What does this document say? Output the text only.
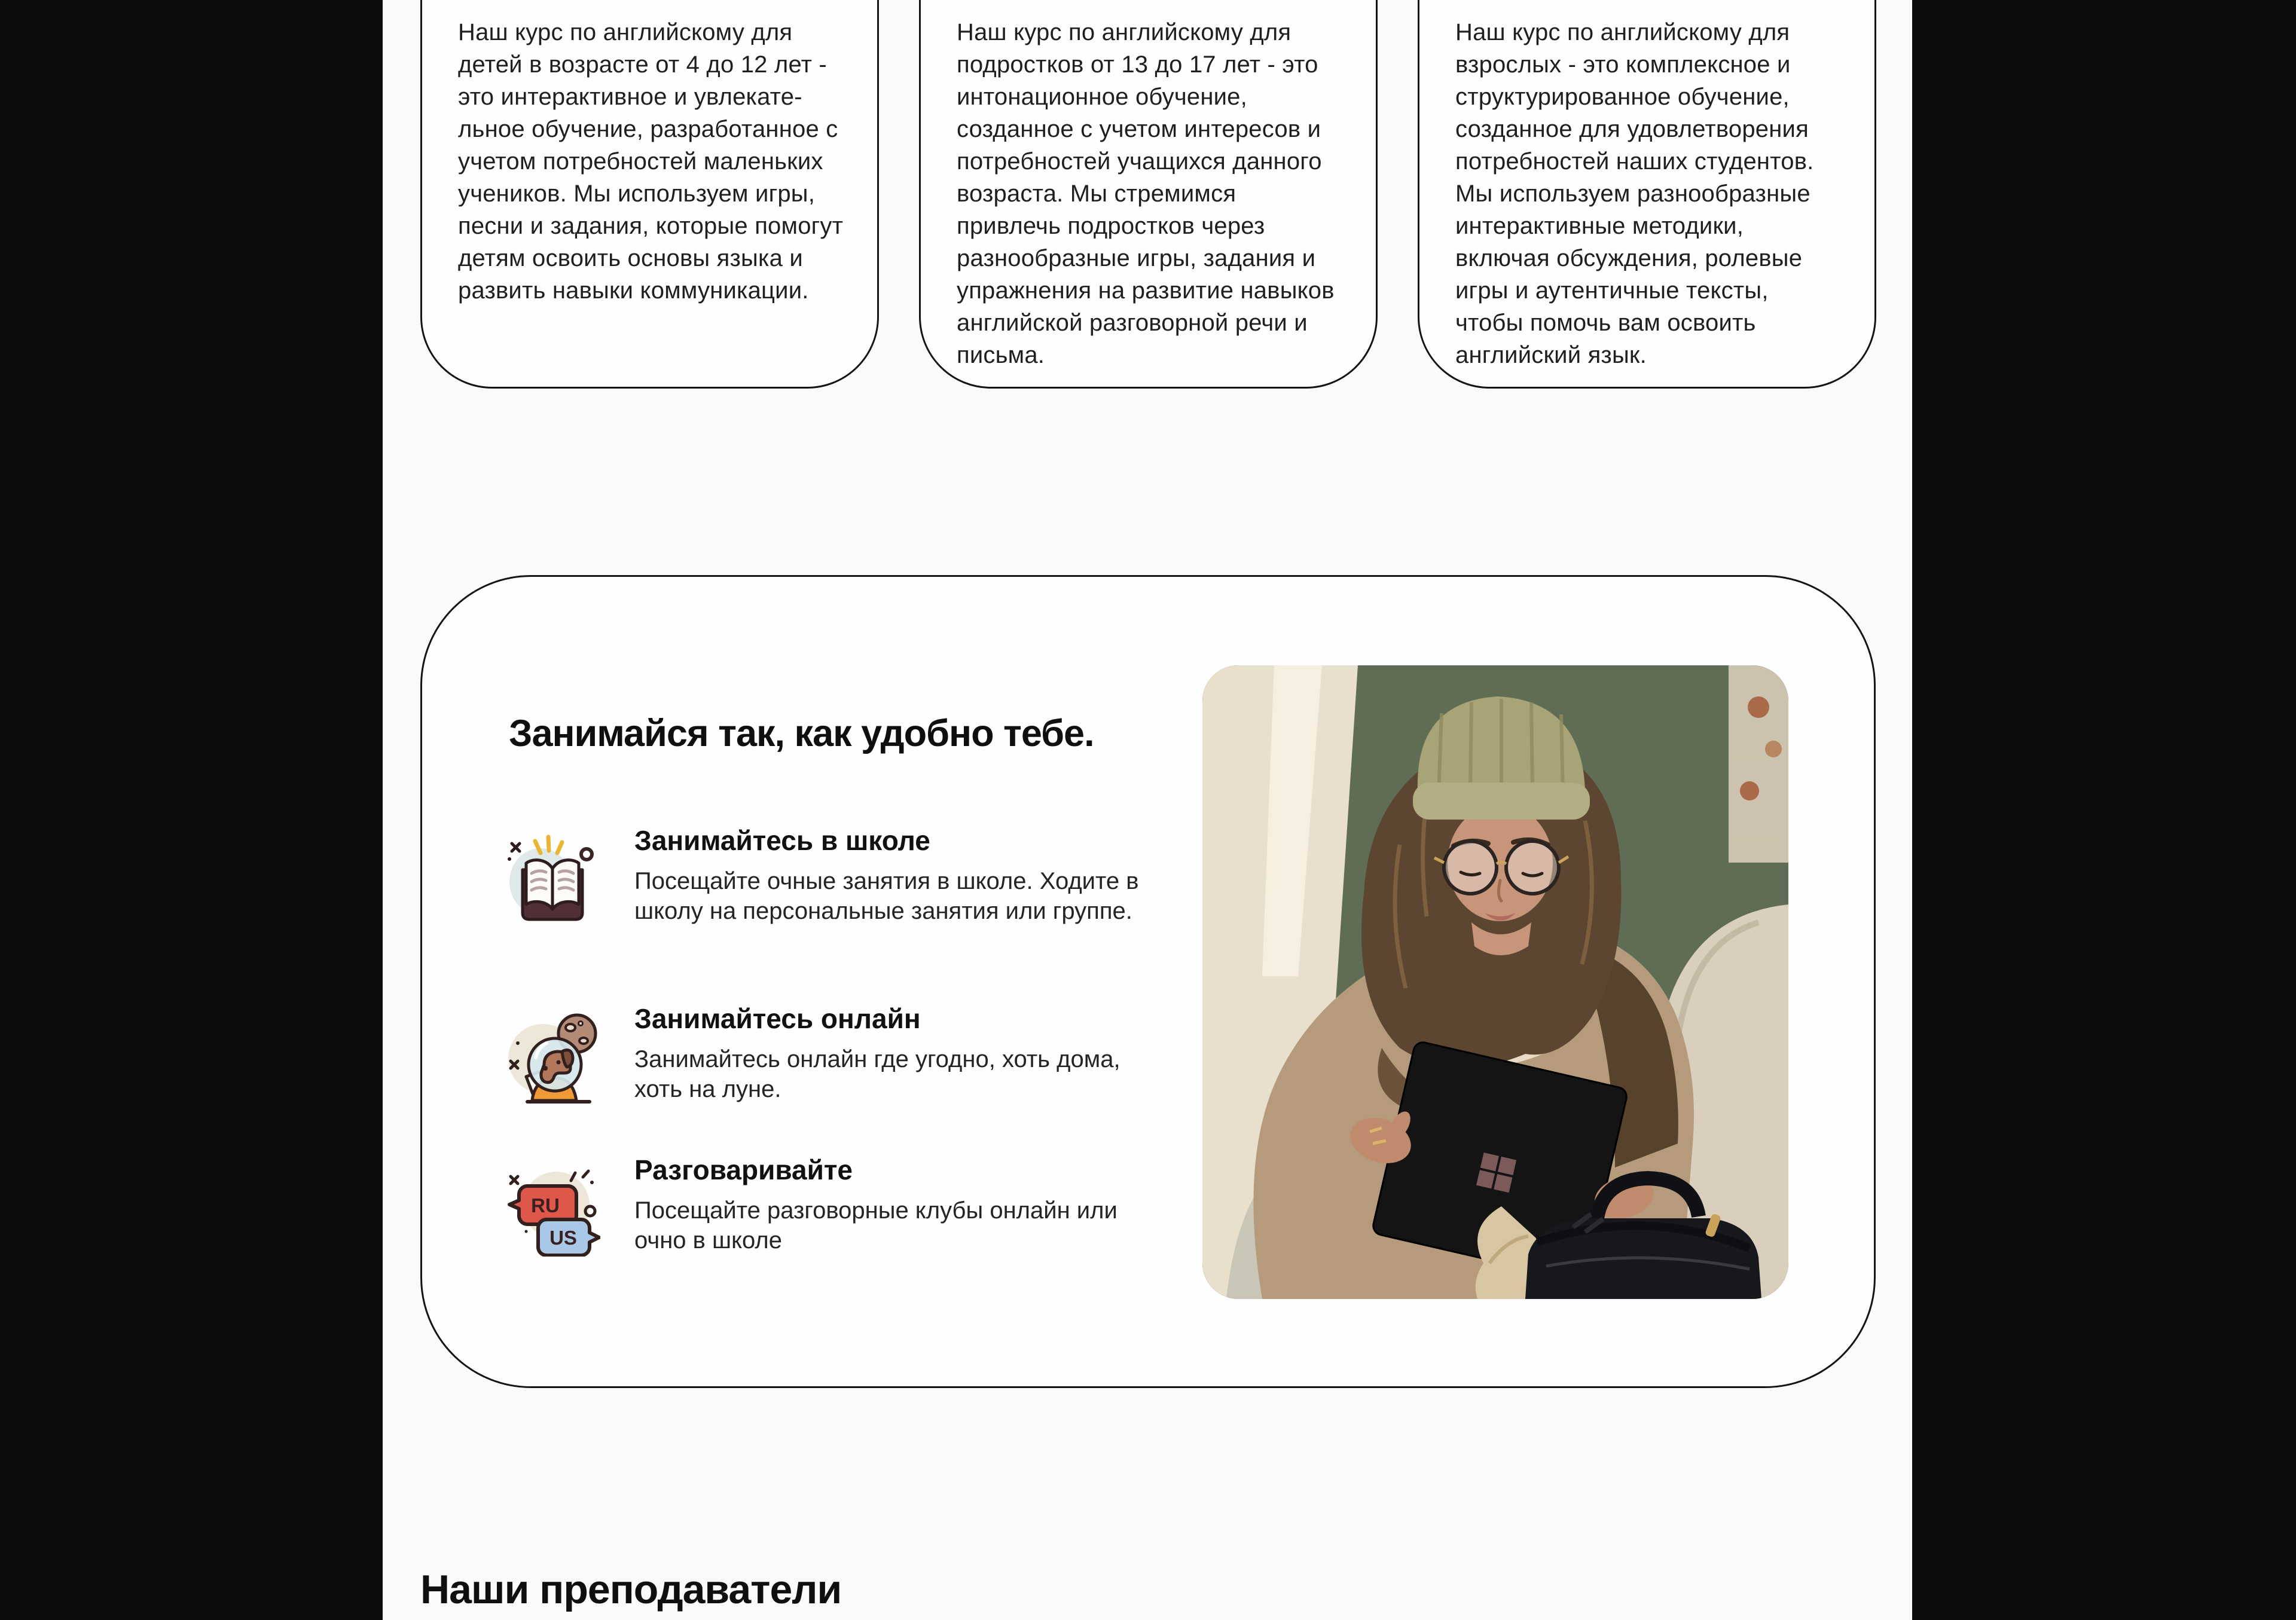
Наш курс по английскому для детей в возрасте от 4 до 12 лет - это интерактивное и увлекате-льное обучение, разработанное с учетом потребностей маленьких учеников. Мы используем игры, песни и задания, которые помогут детям освоить основы языка и развить навыки коммуникации.

Наш курс по английскому для подростков от 13 до 17 лет - это интонационное обучение, созданное с учетом интересов и потребностей учащихся данного возраста. Мы стремимся привлечь подростков через разнообразные игры, задания и упражнения на развитие навыков английской разговорной речи и письма.

Наш курс по английскому для взрослых - это комплексное и структурированное обучение, созданное для удовлетворения потребностей наших студентов. Мы используем разнообразные интерактивные методики, включая обсуждения, ролевые игры и аутентичные тексты, чтобы помочь вам освоить английский язык.

Занимайся так, как удобно тебе.
Занимайтесь в школе

Посещайте очные занятия в школе. Ходите в школу на персональные занятия или группе.

Занимайтесь онлайн

Занимайтесь онлайн где угодно, хоть дома, хоть на луне.

RU
US
Разговаривайте

Посещайте разговорные клубы онлайн или очно в школе

Наши преподаватели
